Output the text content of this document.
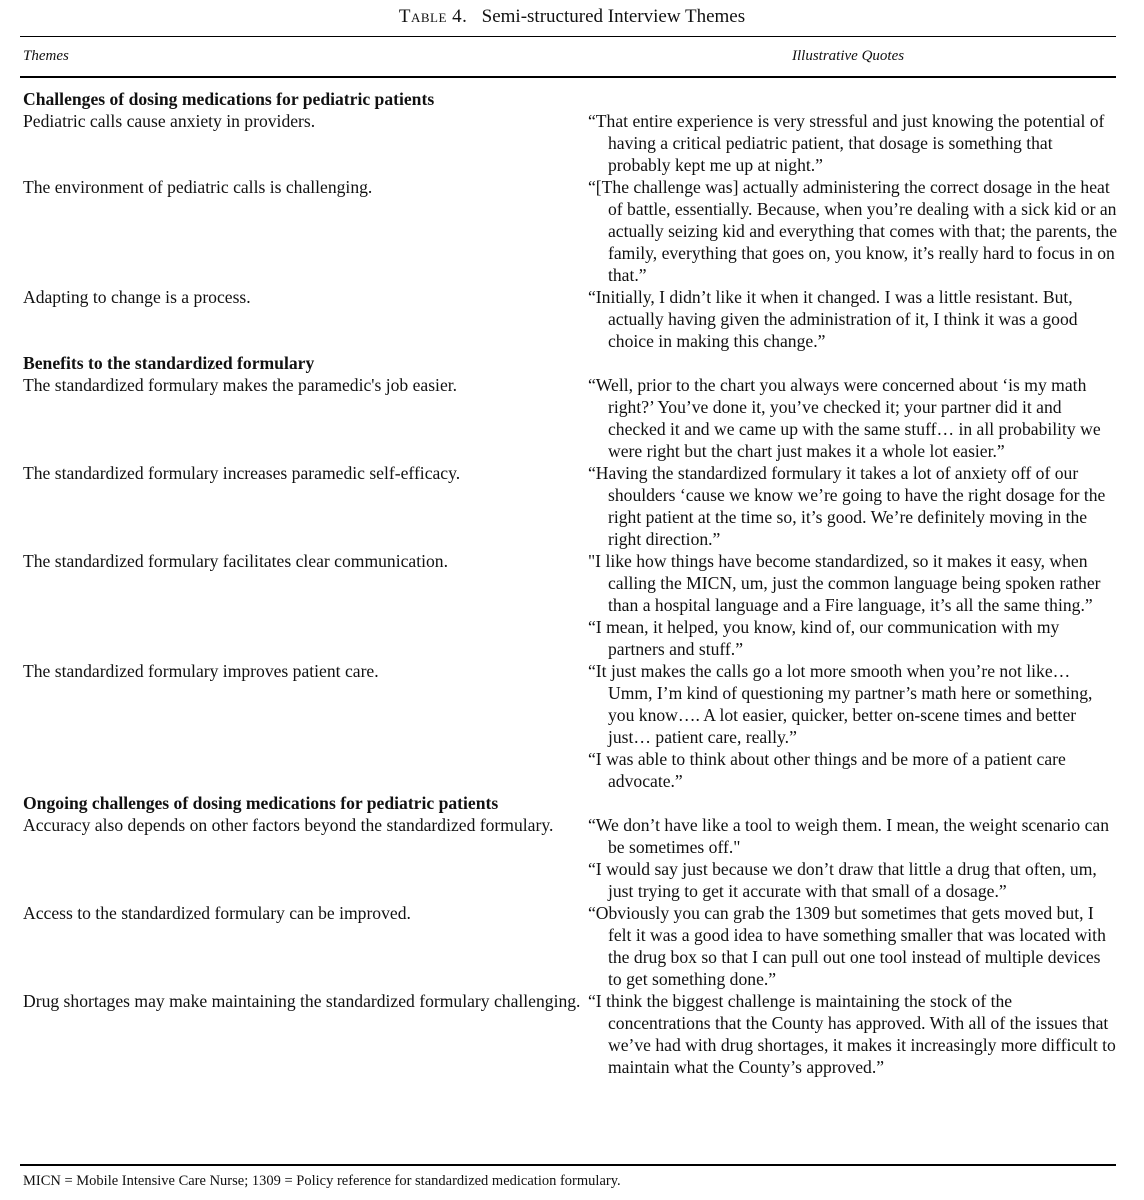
Table 4. Semi-structured Interview Themes
Themes	Illustrative Quotes
Challenges of dosing medications for pediatric patients
Pediatric calls cause anxiety in providers.	“That entire experience is very stressful and just knowing the potential of having a critical pediatric patient, that dosage is something that probably kept me up at night.”
The environment of pediatric calls is challenging.	“[The challenge was] actually administering the correct dosage in the heat of battle, essentially. Because, when you’re dealing with a sick kid or an actually seizing kid and everything that comes with that; the parents, the family, everything that goes on, you know, it’s really hard to focus in on that.”
Adapting to change is a process.	“Initially, I didn’t like it when it changed. I was a little resistant. But, actually having given the administration of it, I think it was a good choice in making this change.”
Benefits to the standardized formulary
The standardized formulary makes the paramedic's job easier.	“Well, prior to the chart you always were concerned about ‘is my math right?’ You’ve done it, you’ve checked it; your partner did it and checked it and we came up with the same stuff… in all probability we were right but the chart just makes it a whole lot easier.”
The standardized formulary increases paramedic self-efficacy.	“Having the standardized formulary it takes a lot of anxiety off of our shoulders ‘cause we know we’re going to have the right dosage for the right patient at the time so, it’s good. We’re definitely moving in the right direction.”
The standardized formulary facilitates clear communication.	"I like how things have become standardized, so it makes it easy, when calling the MICN, um, just the common language being spoken rather than a hospital language and a Fire language, it’s all the same thing.”
“I mean, it helped, you know, kind of, our communication with my partners and stuff.”
The standardized formulary improves patient care.	“It just makes the calls go a lot more smooth when you’re not like… Umm, I’m kind of questioning my partner’s math here or something, you know…. A lot easier, quicker, better on-scene times and better just… patient care, really.”
“I was able to think about other things and be more of a patient care advocate.”
Ongoing challenges of dosing medications for pediatric patients
Accuracy also depends on other factors beyond the standardized formulary.	“We don’t have like a tool to weigh them. I mean, the weight scenario can be sometimes off."
“I would say just because we don’t draw that little a drug that often, um, just trying to get it accurate with that small of a dosage.”
Access to the standardized formulary can be improved.	“Obviously you can grab the 1309 but sometimes that gets moved but, I felt it was a good idea to have something smaller that was located with the drug box so that I can pull out one tool instead of multiple devices to get something done.”
Drug shortages may make maintaining the standardized formulary challenging. “I think the biggest challenge is maintaining the stock of the concentrations that the County has approved. With all of the issues that we’ve had with drug shortages, it makes it increasingly more difficult to maintain what the County’s approved.”
MICN = Mobile Intensive Care Nurse; 1309 = Policy reference for standardized medication formulary.
